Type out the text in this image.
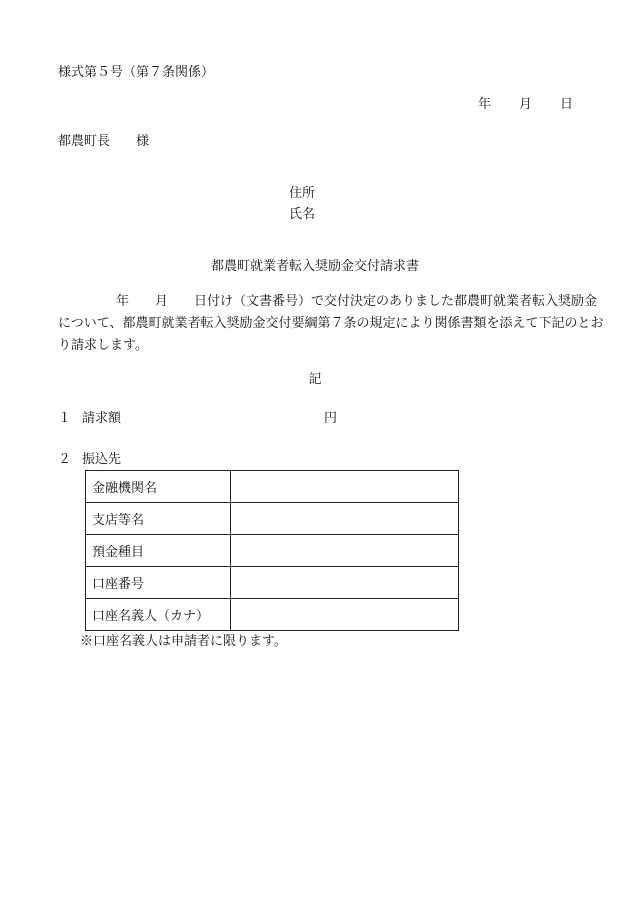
様式第５号（第７条関係）
年 月 日
都農町長 様
住所
氏名
都農町就業者転入奨励金交付請求書
年 月 日付け（文書番号）で交付決定のありました都農町就業者転入奨励金
について、都農町就業者転入奨励金交付要綱第７条の規定により関係書類を添えて下記のとお
り請求します。
記
１ 請求額	円
２ 振込先
金融機関名	
支店等名	
預金種目	
口座番号	
口座名義人（カナ）	
※口座名義人は申請者に限ります。
